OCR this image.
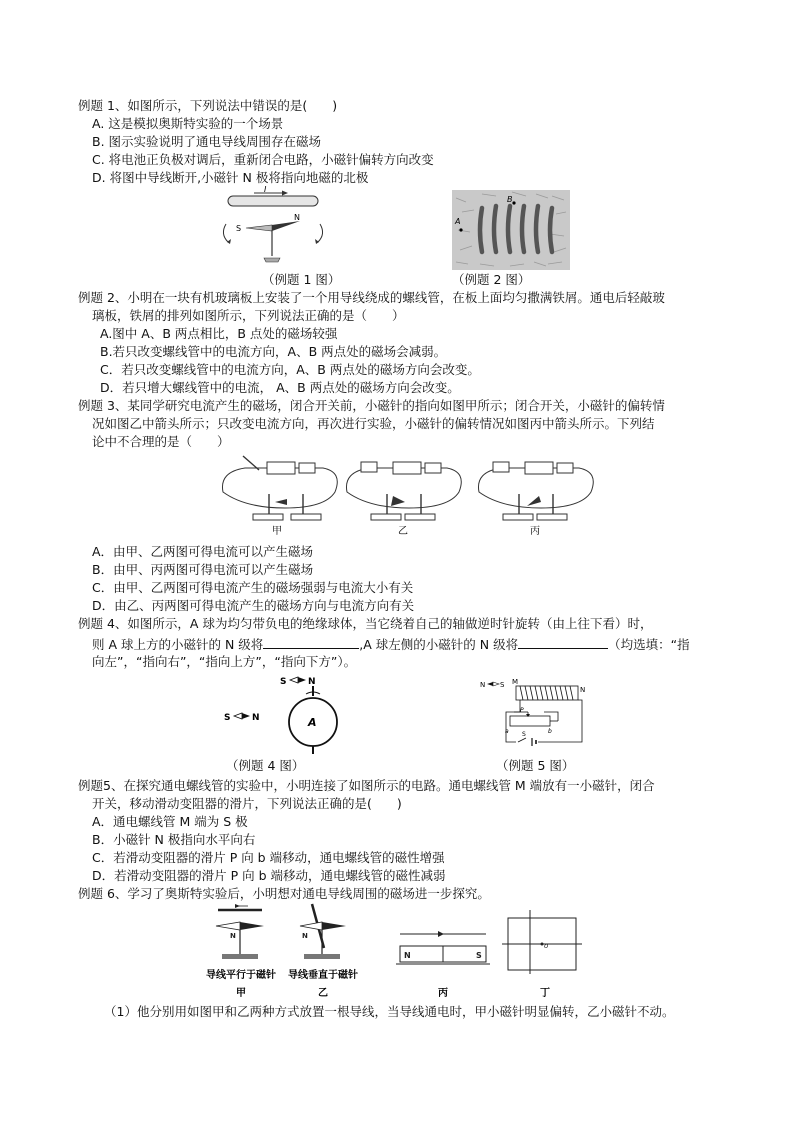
例题 1、如图所示，下列说法中错误的是(　　)
A. 这是模拟奥斯特实验的一个场景
B. 图示实验说明了通电导线周围存在磁场
C. 将电池正负极对调后，重新闭合电路，小磁针偏转方向改变
D. 将图中导线断开,小磁针 N 极将指向地磁的北极
I
S
N
（例题 1 图）
B
A
（例题 2 图）
例题 2、小明在一块有机玻璃板上安装了一个用导线绕成的螺线管，在板上面均匀撒满铁屑。通电后轻敲玻
璃板，铁屑的排列如图所示，下列说法正确的是（　　）
A.图中 A、B 两点相比，B 点处的磁场较强
B.若只改变螺线管中的电流方向，A、B 两点处的磁场会减弱。
C．若只改变螺线管中的电流方向，A、B 两点处的磁场方向会改变。
D．若只增大螺线管中的电流， A、B 两点处的磁场方向会改变。
例题 3、某同学研究电流产生的磁场，闭合开关前，小磁针的指向如图甲所示；闭合开关，小磁针的偏转情
况如图乙中箭头所示；只改变电流方向，再次进行实验，小磁针的偏转情况如图丙中箭头所示。下列结
论中不合理的是（　　）
甲	乙	丙
A．由甲、乙两图可得电流可以产生磁场
B．由甲、丙两图可得电流可以产生磁场
C．由甲、乙两图可得电流产生的磁场强弱与电流大小有关
D．由乙、丙两图可得电流产生的磁场方向与电流方向有关
例题 4、如图所示，A 球为均匀带负电的绝缘球体，当它绕着自己的轴做逆时针旋转（由上往下看）时，
则 A 球上方的小磁针的 N 级将	,A 球左侧的小磁针的 N 级将	（均选填：“指
向左”，“指向右”，“指向上方”，“指向下方”）。
S N
A
S N
N S M
N
P
a	b
S
（例题 4 图）	（例题 5 图）
例题5、在探究通电螺线管的实验中，小明连接了如图所示的电路。通电螺线管 M 端放有一小磁针，闭合
开关，移动滑动变阻器的滑片，下列说法正确的是(　　)
A．通电螺线管 M 端为 S 极
B．小磁针 N 极指向水平向右
C．若滑动变阻器的滑片 P 向 b 端移动，通电螺线管的磁性增强
D．若滑动变阻器的滑片 P 向 b 端移动，通电螺线管的磁性减弱
例题 6、学习了奥斯特实验后，小明想对通电导线周围的磁场进一步探究。
N
导线平行于磁针
甲
N
导线垂直于磁针
乙
N	S
丙
o
丁
（1）他分别用如图甲和乙两种方式放置一根导线，当导线通电时，甲小磁针明显偏转，乙小磁针不动。
